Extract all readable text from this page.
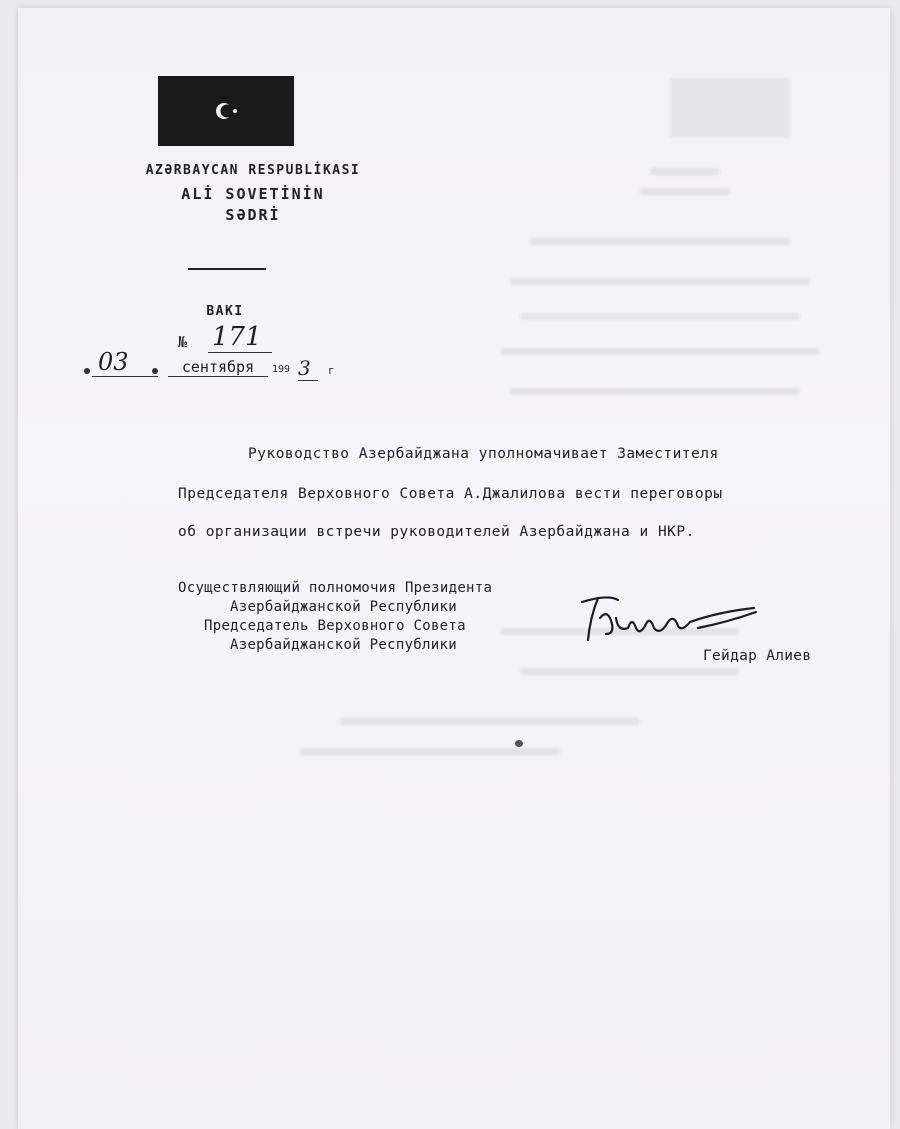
AZƏRBAYCAN RESPUBLİKASI
ALİ SOVETİNİN
SƏDRİ
BAKI
№ 171
03	сентября	199 3	г
Руководство Азербайджана уполномачивает Заместителя
Председателя Верховного Совета А.Джалилова вести переговоры
об организации встречи руководителей Азербайджана и НКР.
Осуществляющий полномочия Президента
Азербайджанской Республики
Председатель Верховного Совета
Азербайджанской Республики
Гейдар Алиев
